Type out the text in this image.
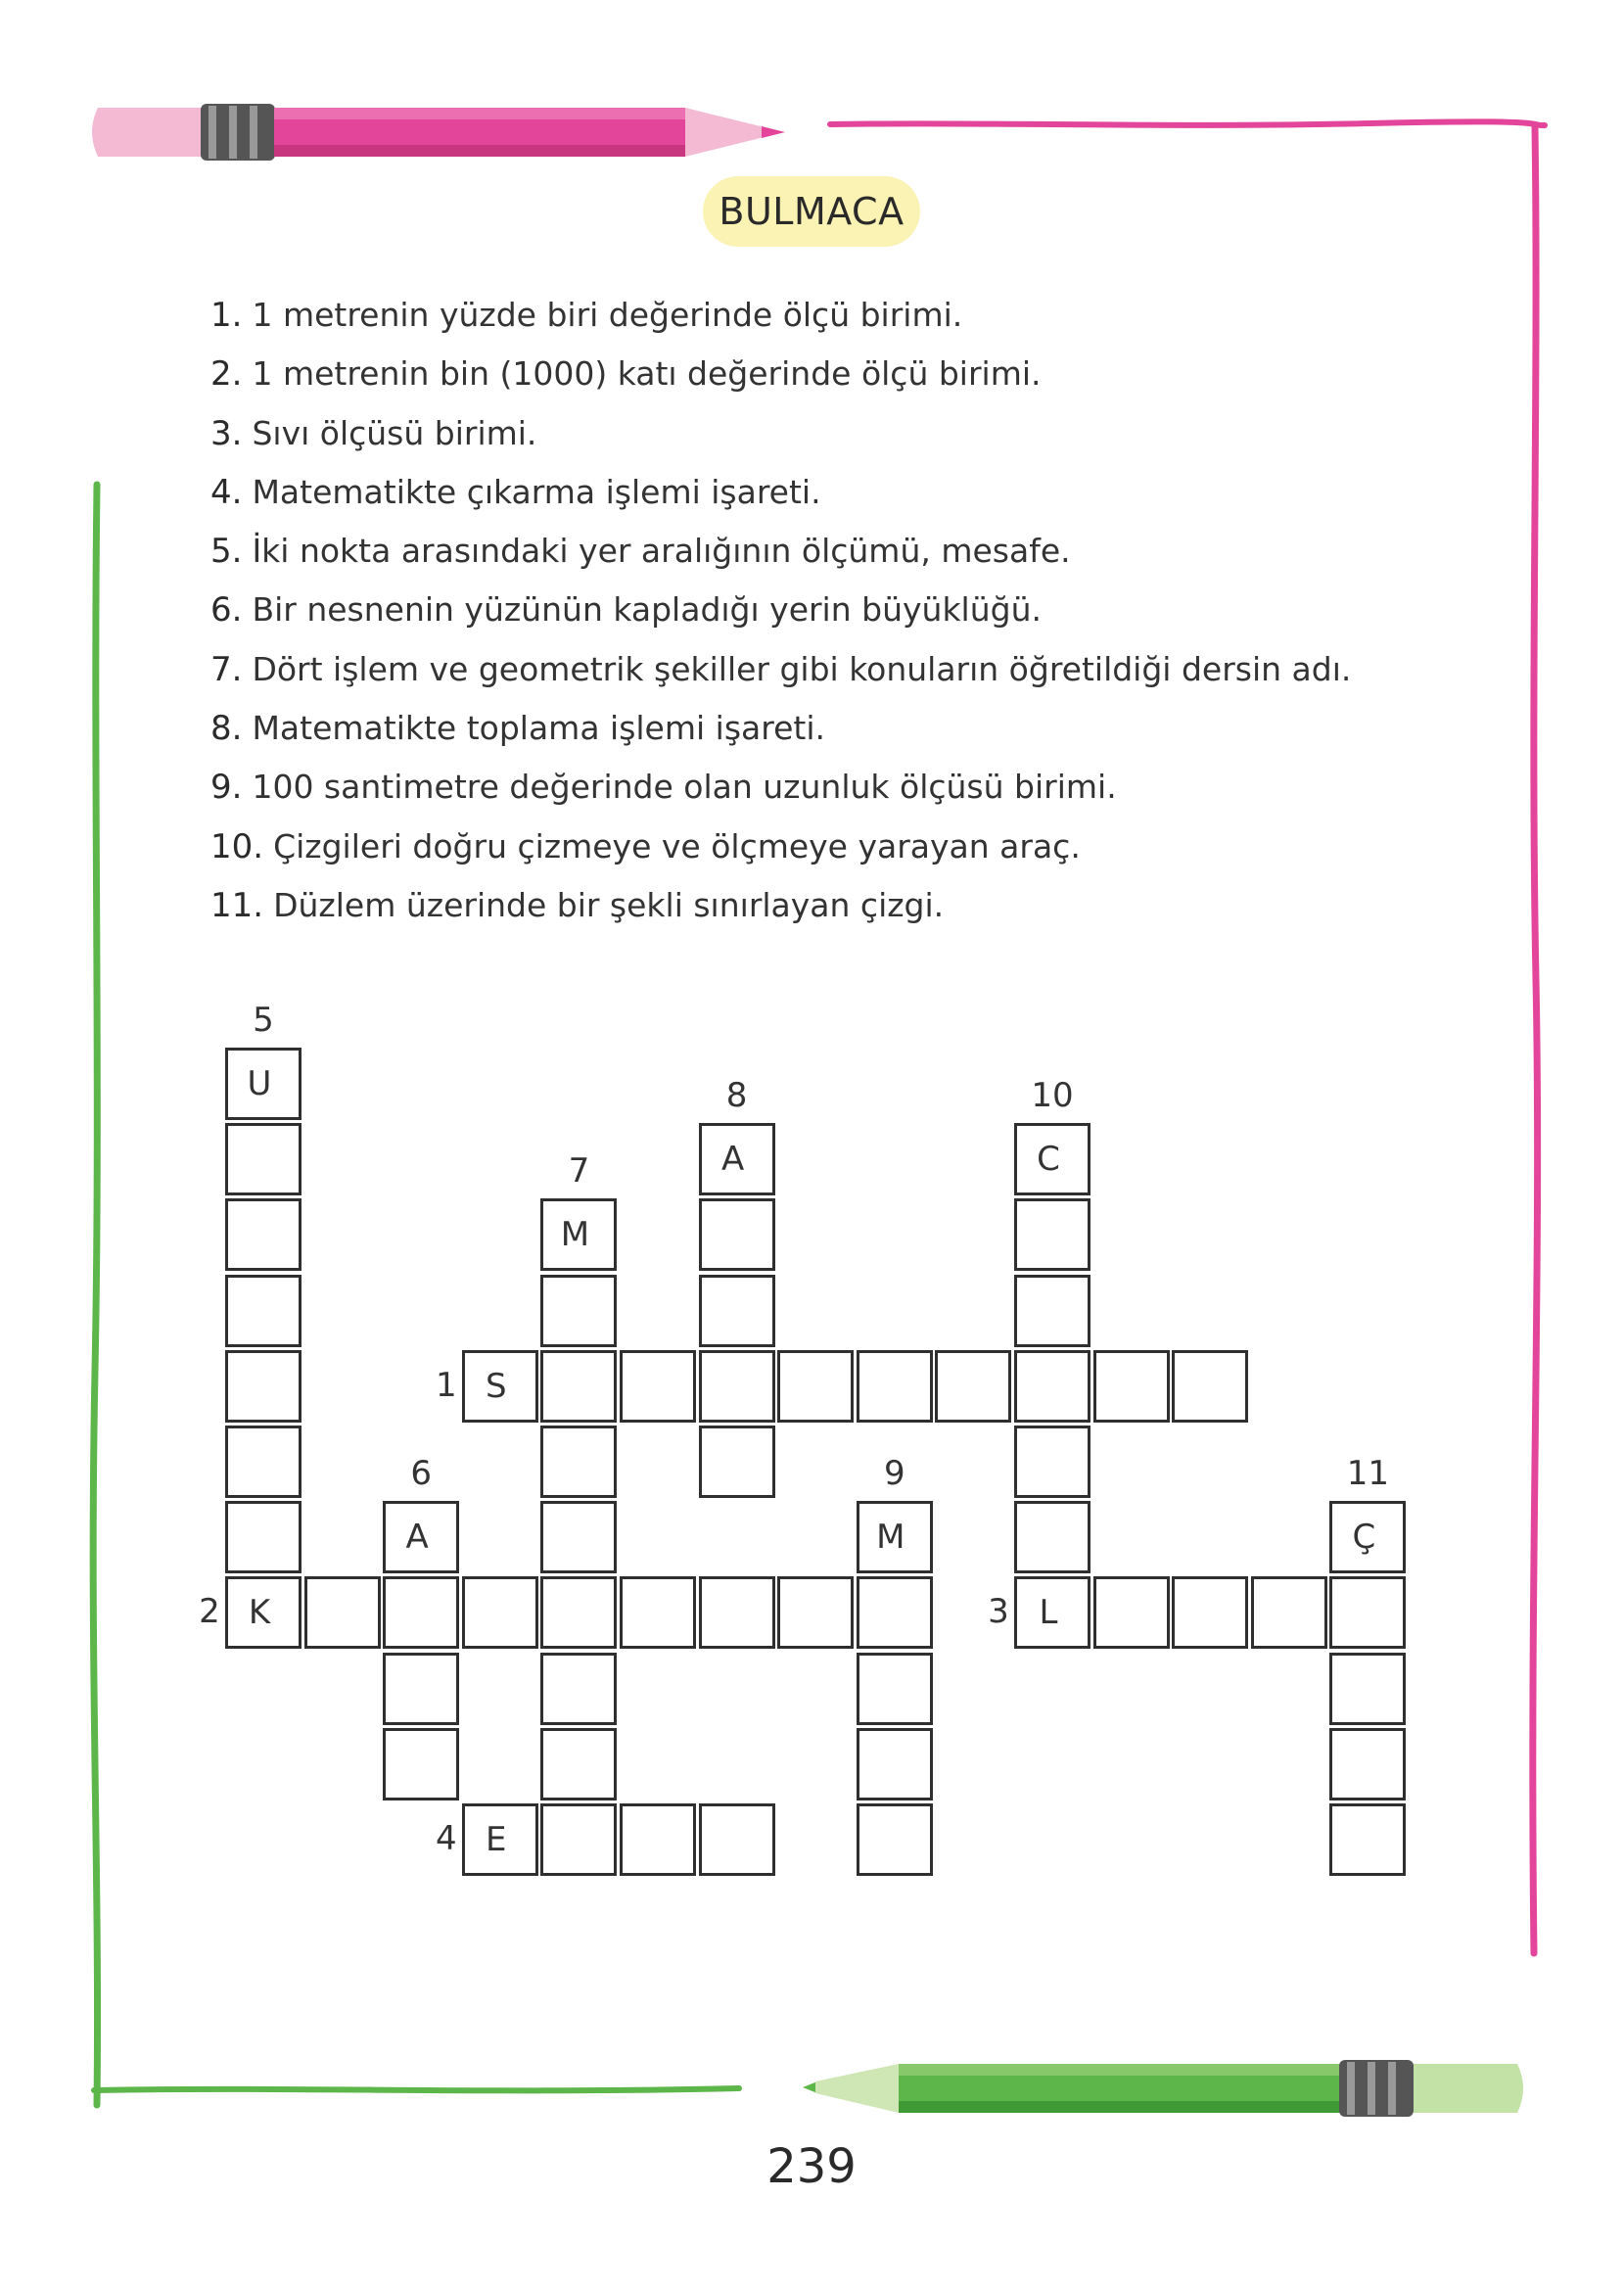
BULMACA
1. 1 metrenin yüzde biri değerinde ölçü birimi.
2. 1 metrenin bin (1000) katı değerinde ölçü birimi.
3. Sıvı ölçüsü birimi.
4. Matematikte çıkarma işlemi işareti.
5. İki nokta arasındaki yer aralığının ölçümü, mesafe.
6. Bir nesnenin yüzünün kapladığı yerin büyüklüğü.
7. Dört işlem ve geometrik şekiller gibi konuların öğretildiği dersin adı.
8. Matematikte toplama işlemi işareti.
9. 100 santimetre değerinde olan uzunluk ölçüsü birimi.
10. Çizgileri doğru çizmeye ve ölçmeye yarayan araç.
11. Düzlem üzerinde bir şekli sınırlayan çizgi.
S
K	L
E
U
A
M
A
M
C
Ç
1
2	3
4
5
6
7
8
9
10
11
239
